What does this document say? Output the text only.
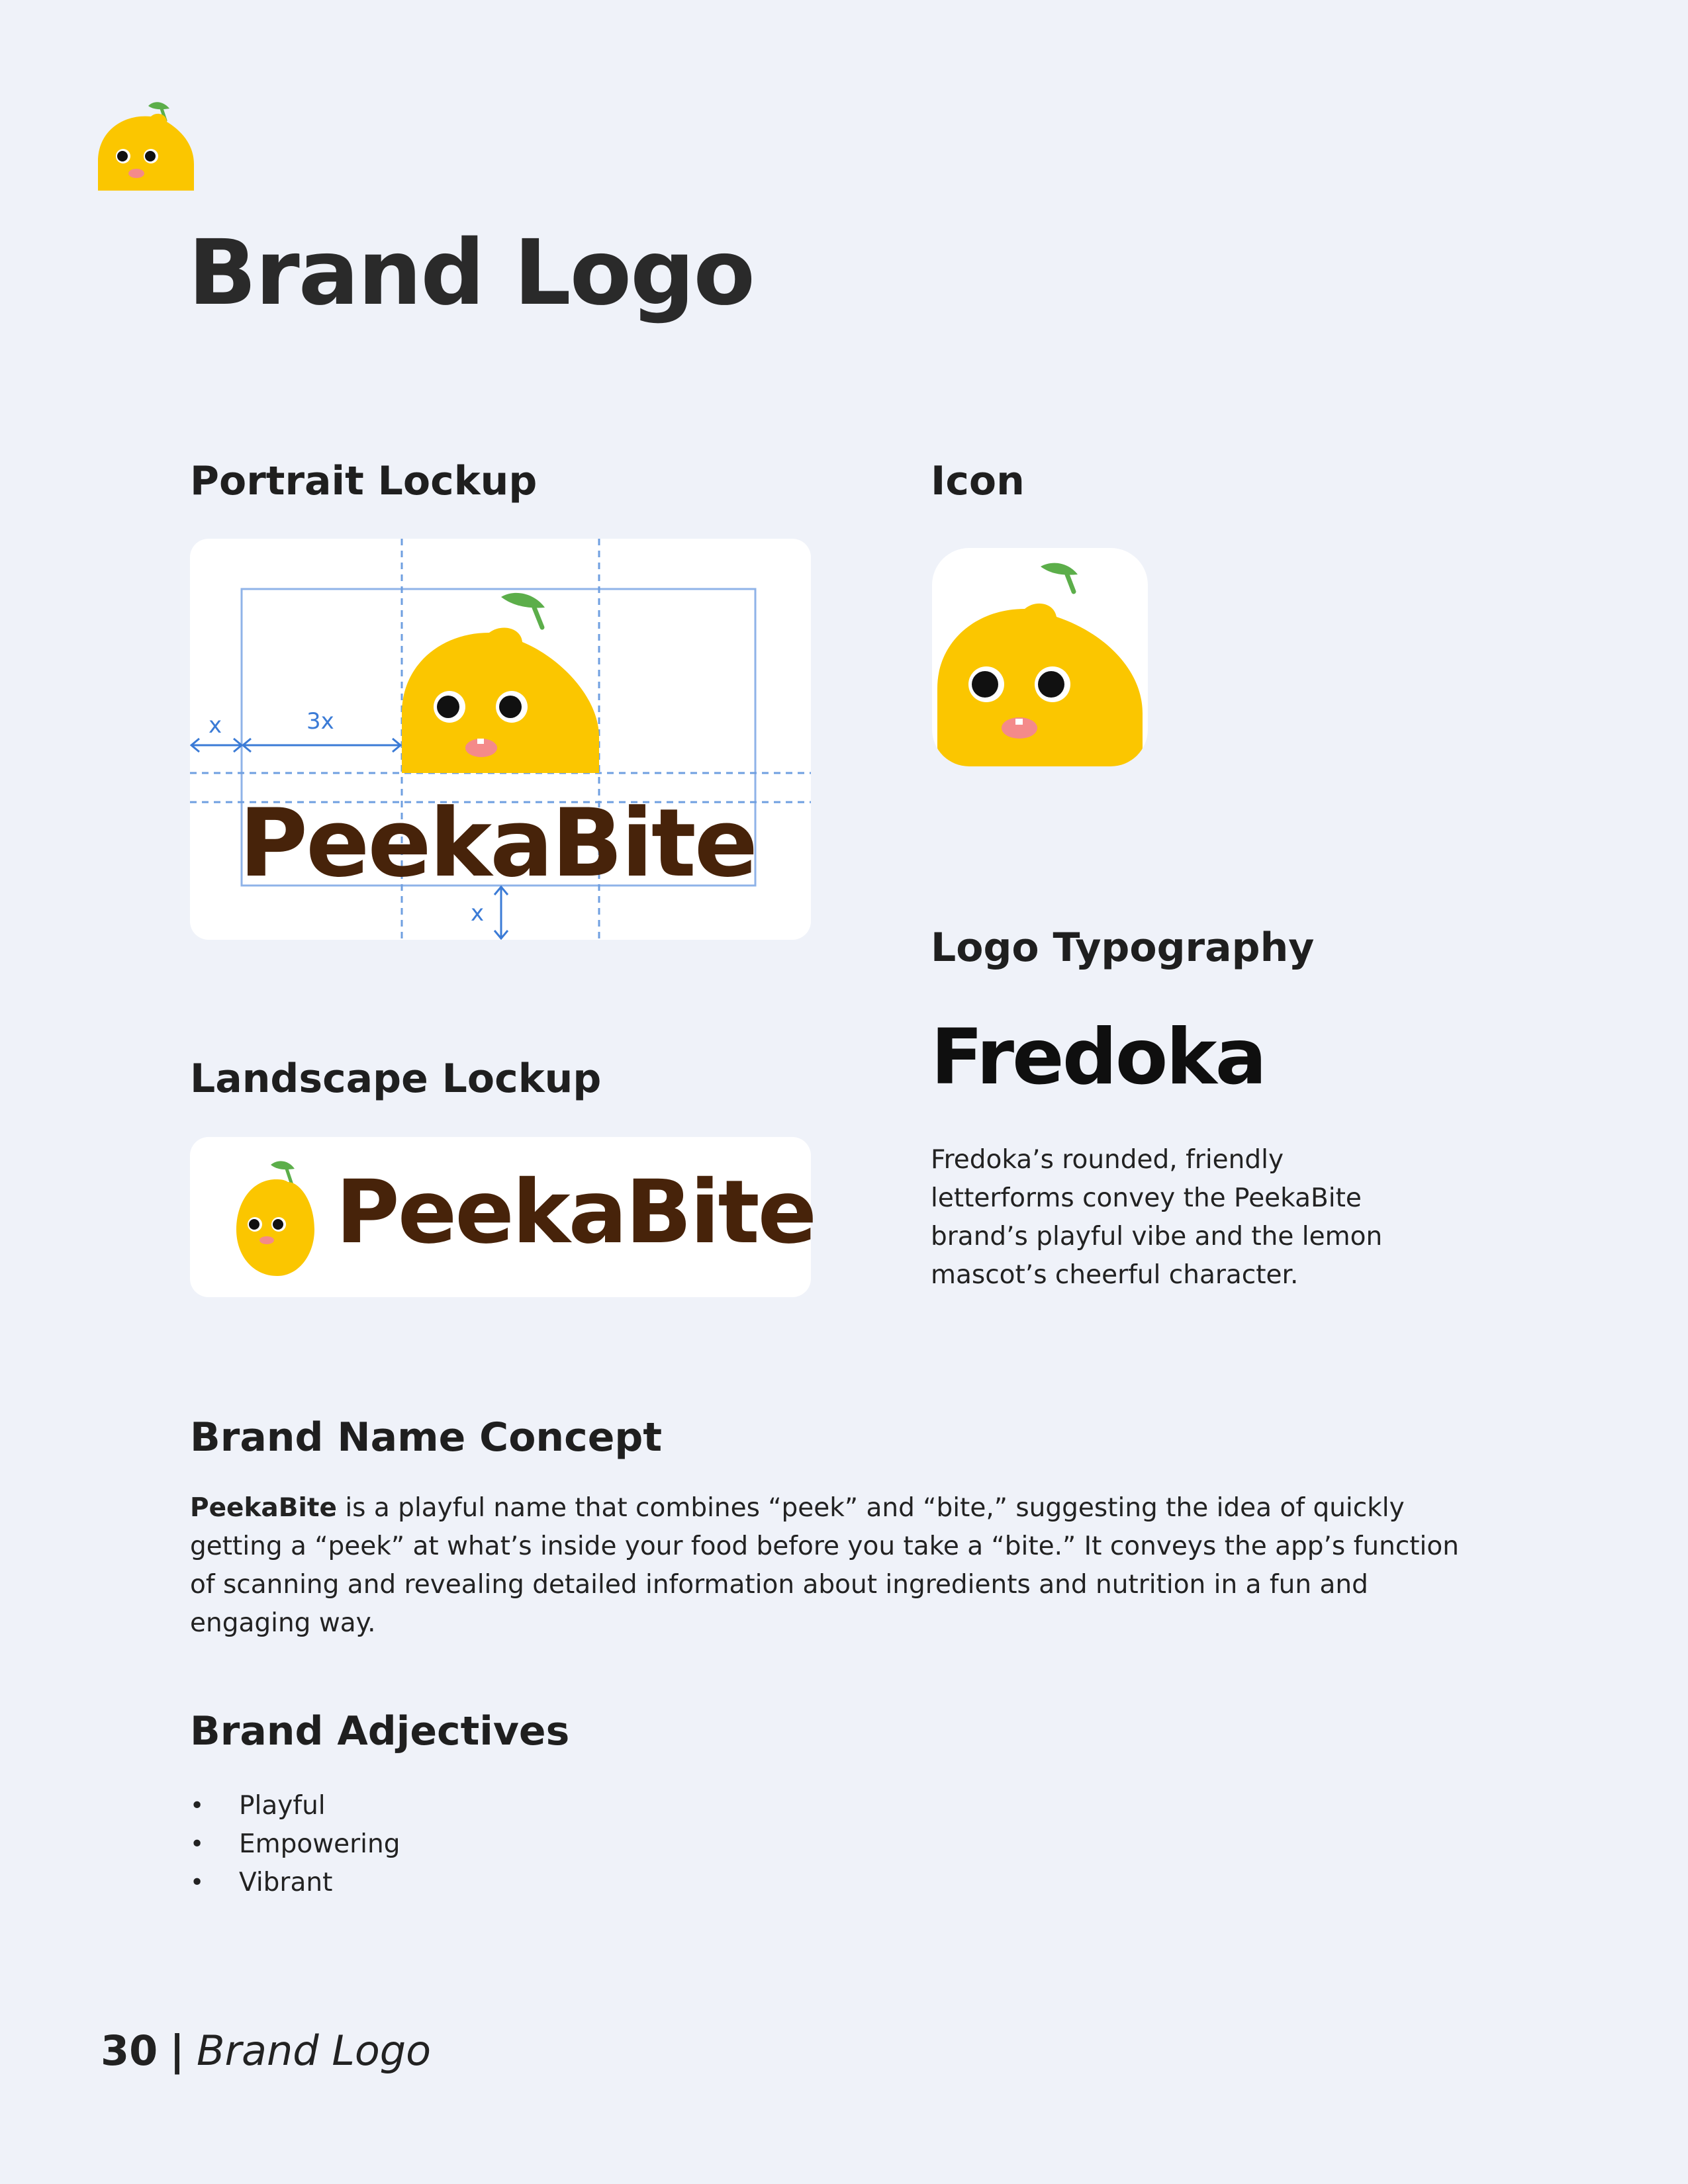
Brand Logo
Portrait Lockup
x	3x
x
PeekaBite
Icon
Landscape Lockup
PeekaBite
Logo Typography
Fredoka

Fredoka’s rounded, friendly letterforms convey the PeekaBite brand’s playful vibe and the lemon mascot’s cheerful character.

Brand Name Concept

PeekaBite is a playful name that combines “peek” and “bite,” suggesting the idea of quickly getting a “peek” at what’s inside your food before you take a “bite.” It conveys the app’s function of scanning and revealing detailed information about ingredients and nutrition in a fun and engaging way.

Brand Adjectives
• Playful
• Empowering
• Vibrant
30 | Brand Logo
